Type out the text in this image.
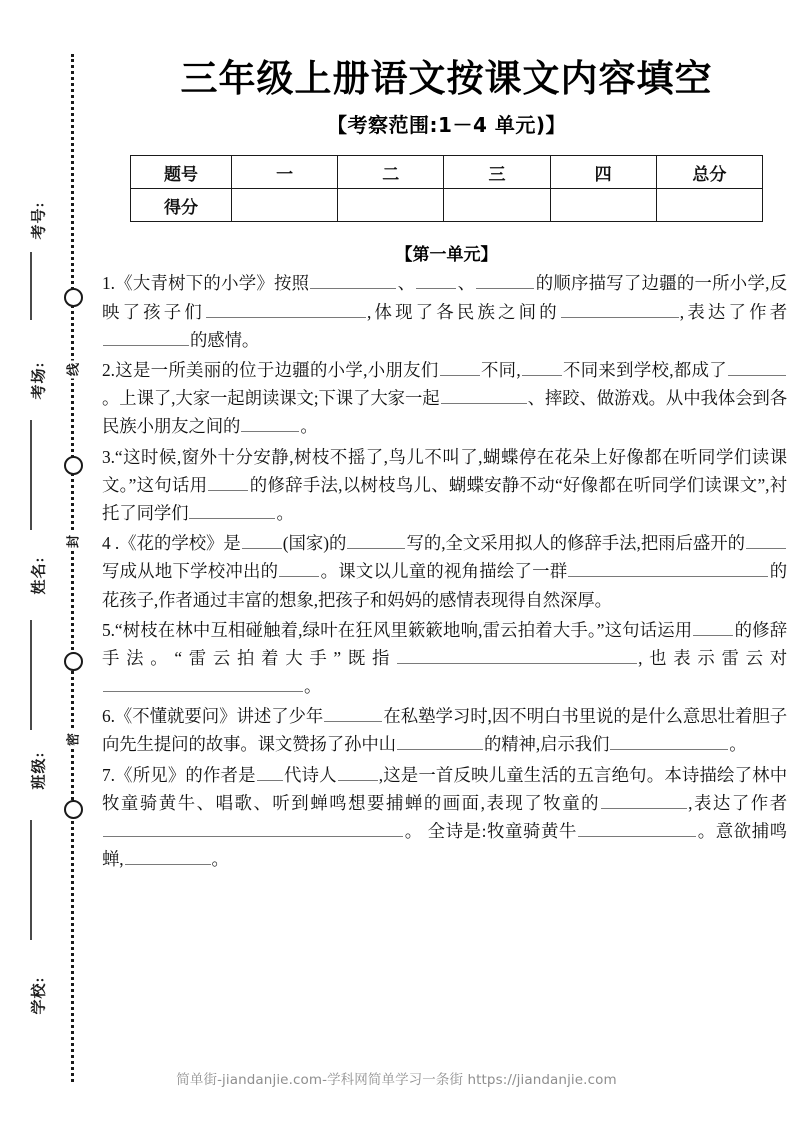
考号:
考场:
姓名:
班级:
学校:
线
封
密
三年级上册语文按课文内容填空
【考察范围:1－4 单元)】
题号	一	二	三	四	总分
得分					
【第一单元】

1.《大青树下的小学》按照	、 、	的顺序描写了边疆的一所小学,反映了孩子们	,体现了各民族之间的	,表达了作者的感情。

2.这是一所美丽的位于边疆的小学,小朋友们 不同, 不同来到学校,都成了。上课了,大家一起朗读课文;下课了大家一起	、摔跤、做游戏。从中我体会到各民族小朋友之间的	。

3.“这时候,窗外十分安静,树枝不摇了,鸟儿不叫了,蝴蝶停在花朵上好像都在听同学们读课文。”这句话用 的修辞手法,以树枝鸟儿、蝴蝶安静不动“好像都在听同学们读课文”,衬托了同学们	。

4 .《花的学校》是 (国家)的	写的,全文采用拟人的修辞手法,把雨后盛开的写成从地下学校冲出的 。课文以儿童的视角描绘了一群	的花孩子,作者通过丰富的想象,把孩子和妈妈的感情表现得自然深厚。

5.“树枝在林中互相碰触着,绿叶在狂风里簌簌地响,雷云拍着大手。”这句话运用 的修辞手法。“雷云拍着大手”既指	,也表示雷云对。

6.《不懂就要问》讲述了少年	在私塾学习时,因不明白书里说的是什么意思壮着胆子向先生提问的故事。课文赞扬了孙中山	的精神,启示我们	。

7.《所见》的作者是 代诗人 ,这是一首反映儿童生活的五言绝句。本诗描绘了林中牧童骑黄牛、唱歌、听到蝉鸣想要捕蝉的画面,表现了牧童的	,表达了作者。 全诗是:牧童骑黄牛	。意欲捕鸣蝉,	。

简单街-jiandanjie.com-学科网简单学习一条街 https://jiandanjie.com
